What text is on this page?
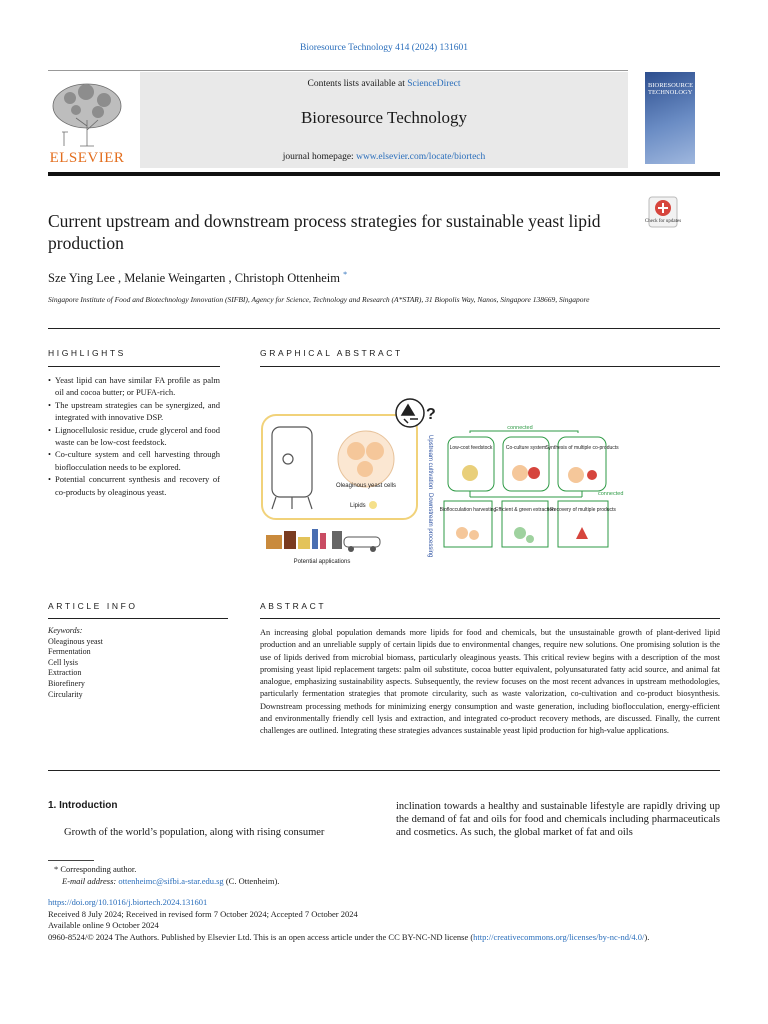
Bioresource Technology 414 (2024) 131601
ELSEVIER
Contents lists available at ScienceDirect
Bioresource Technology
journal homepage: www.elsevier.com/locate/biortech
BIORESOURCE TECHNOLOGY
Current upstream and downstream process strategies for sustainable yeast lipid production
Check for updates
Sze Ying Lee , Melanie Weingarten , Christoph Ottenheim *
Singapore Institute of Food and Biotechnology Innovation (SIFBI), Agency for Science, Technology and Research (A*STAR), 31 Biopolis Way, Nanos, Singapore 138669, Singapore
HIGHLIGHTS
• Yeast lipid can have similar FA profile as palm oil and cocoa butter; or PUFA-rich.
• The upstream strategies can be synergized, and integrated with innovative DSP.
• Lignocellulosic residue, crude glycerol and food waste can be low-cost feedstock.
• Co-culture system and cell harvesting through bioflocculation needs to be explored.
• Potential concurrent synthesis and recovery of co-products by oleaginous yeast.
GRAPHICAL ABSTRACT
Oleaginous yeast cells
Lipids
?
Potential applications
Upstream cultivation
Downstream processing
connected
Low-cost feedstock	Co-culture system Synthesis of multiple co-products
connected
Bioflocculation harvesting
Efficient & green extraction
Recovery of multiple products
ARTICLE INFO
Keywords:
Oleaginous yeast
Fermentation
Cell lysis
Extraction
Biorefinery
Circularity
ABSTRACT
An increasing global population demands more lipids for food and chemicals, but the unsustainable growth of plant-derived lipid production and an unreliable supply of certain lipids due to environmental changes, require new solutions. One promising solution is the use of lipids derived from microbial biomass, particularly oleaginous yeasts. This critical review begins with a description of the most promising yeast lipid replacement targets: palm oil substitute, cocoa butter equivalent, polyunsaturated fatty acid source, and animal fat analogue, emphasizing sustainability aspects. Subsequently, the review focuses on the most recent advances in upstream methodologies, particularly fermentation strategies that promote circularity, such as waste valorization, co-cultivation and co-product biosynthesis. Downstream processing methods for minimizing energy consumption and waste generation, including bioflocculation, energy-efficient and environmentally friendly cell lysis and extraction, and integrated co-product recovery methods, are discussed. Finally, the current challenges are outlined. Integrating these strategies advances sustainable yeast lipid production for high-value applications.
1. Introduction
Growth of the world’s population, along with rising consumer
inclination towards a healthy and sustainable lifestyle are rapidly driving up the demand of fat and oils for food and chemicals including pharmaceuticals and cosmetics. As such, the global market of fat and oils
* Corresponding author.
E-mail address: ottenheimc@sifbi.a-star.edu.sg (C. Ottenheim).
https://doi.org/10.1016/j.biortech.2024.131601
Received 8 July 2024; Received in revised form 7 October 2024; Accepted 7 October 2024
Available online 9 October 2024
0960-8524/© 2024 The Authors. Published by Elsevier Ltd. This is an open access article under the CC BY-NC-ND license (http://creativecommons.org/licenses/by-nc-nd/4.0/).
